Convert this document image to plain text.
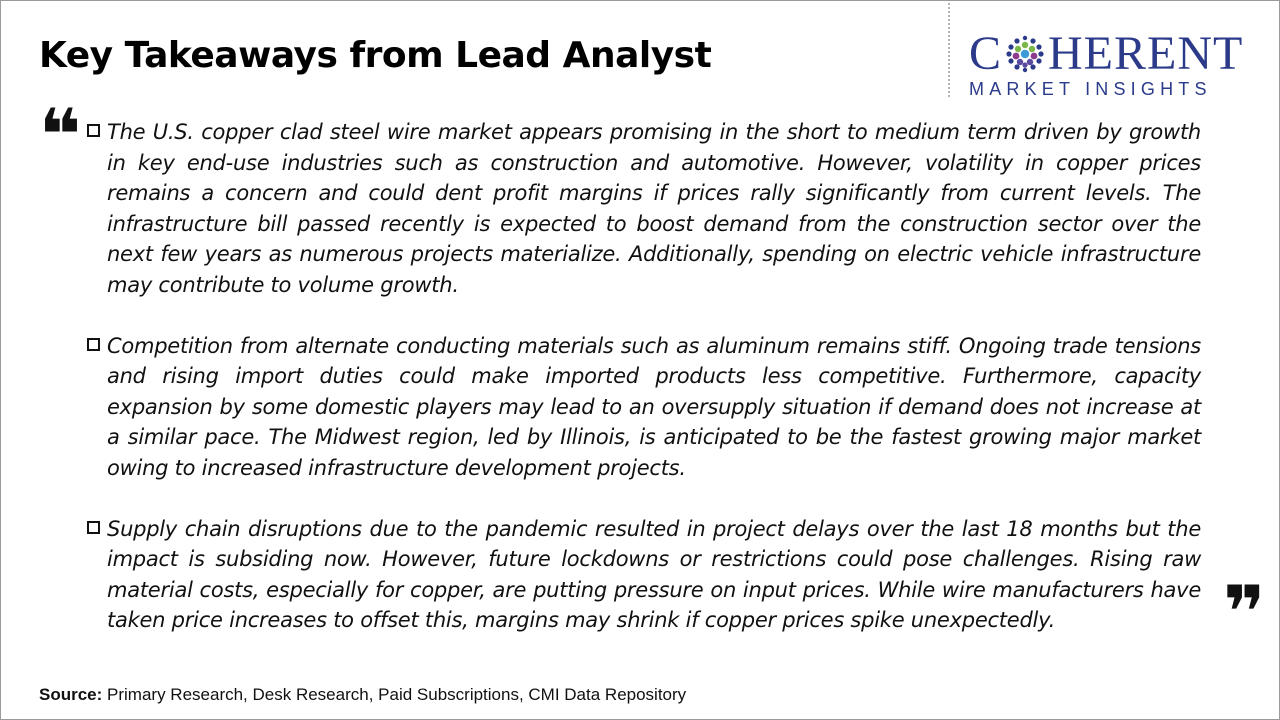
Key Takeaways from Lead Analyst	C HERENT
MARKET INSIGHTS
❝ The U.S. copper clad steel wire market appears promising in the short to medium term driven by growth in key end-use industries such as construction and automotive. However, volatility in copper prices remains a concern and could dent profit margins if prices rally significantly from current levels. The infrastructure bill passed recently is expected to boost demand from the construction sector over the next few years as numerous projects materialize. Additionally, spending on electric vehicle infrastructure may contribute to volume growth.
Competition from alternate conducting materials such as aluminum remains stiff. Ongoing trade tensions and rising import duties could make imported products less competitive. Furthermore, capacity expansion by some domestic players may lead to an oversupply situation if demand does not increase at a similar pace. The Midwest region, led by Illinois, is anticipated to be the fastest growing major market owing to increased infrastructure development projects.
Supply chain disruptions due to the pandemic resulted in project delays over the last 18 months but the impact is subsiding now. However, future lockdowns or restrictions could pose challenges. Rising raw material costs, especially for copper, are putting pressure on input prices. While wire manufacturers have taken price increases to offset this, margins may shrink if copper prices spike unexpectedly.	❞
Source: Primary Research, Desk Research, Paid Subscriptions, CMI Data Repository
